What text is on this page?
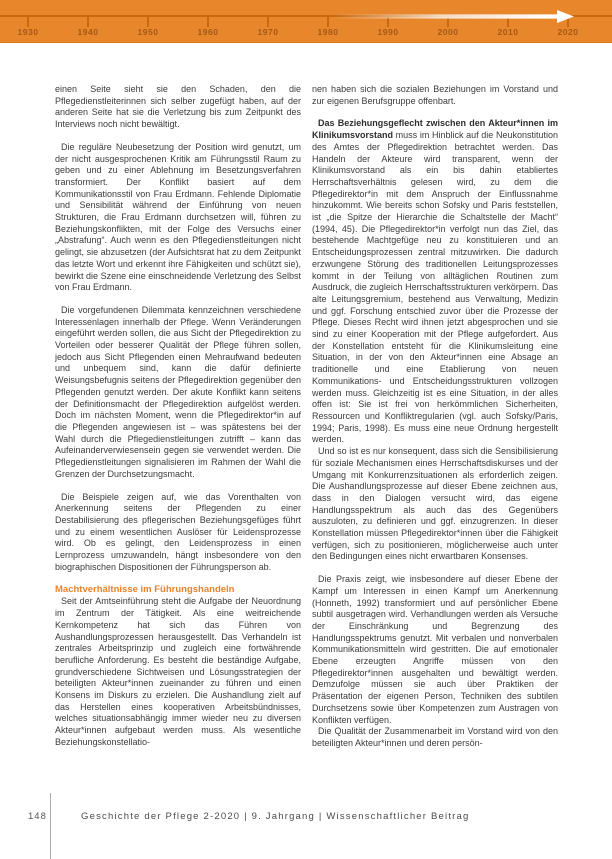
1930	1940	1950	1960	1970	1980	1990	2000	2010	2020

einen Seite sieht sie den Schaden, den die Pflegedienstleiterinnen sich selber zugefügt haben, auf der anderen Seite hat sie die Verletzung bis zum Zeitpunkt des Interviews noch nicht bewältigt.

Die reguläre Neubesetzung der Position wird genutzt, um der nicht ausgesprochenen Kritik am Führungsstil Raum zu geben und zu einer Ablehnung im Besetzungsverfahren transformiert. Der Konflikt basiert auf dem Kommunikationsstil von Frau Erdmann. Fehlende Diplomatie und Sensibilität während der Einführung von neuen Strukturen, die Frau Erdmann durchsetzen will, führen zu Beziehungskonflikten, mit der Folge des Versuchs einer „Abstrafung“. Auch wenn es den Pflegedienstleitungen nicht gelingt, sie abzusetzen (der Aufsichtsrat hat zu dem Zeitpunkt das letzte Wort und erkennt ihre Fähigkeiten und schützt sie), bewirkt die Szene eine einschneidende Verletzung des Selbst von Frau Erdmann.

Die vorgefundenen Dilemmata kennzeichnen verschiedene Interessenlagen innerhalb der Pflege. Wenn Veränderungen eingeführt werden sollen, die aus Sicht der Pflegedirektion zu Vorteilen oder besserer Qualität der Pflege führen sollen, jedoch aus Sicht Pflegenden einen Mehraufwand bedeuten und unbequem sind, kann die dafür definierte Weisungsbefugnis seitens der Pflegedirektion gegenüber den Pflegenden genutzt werden. Der akute Konflikt kann seitens der Definitionsmacht der Pflegedirektion aufgelöst werden. Doch im nächsten Moment, wenn die Pflegedirektor*in auf die Pflegenden angewiesen ist – was spätestens bei der Wahl durch die Pflegedienstleitungen zutrifft – kann das Aufeinanderverwiesensein gegen sie verwendet werden. Die Pflegedienstleitungen signalisieren im Rahmen der Wahl die Grenzen der Durchsetzungsmacht.

Die Beispiele zeigen auf, wie das Vorenthalten von Anerkennung seitens der Pflegenden zu einer Destabilisierung des pflegerischen Beziehungsgefüges führt und zu einem wesentlichen Auslöser für Leidensprozesse wird. Ob es gelingt, den Leidensprozess in einen Lernprozess umzuwandeln, hängt insbesondere von den biographischen Dispositionen der Führungsperson ab.

Machtverhältnisse im Führungshandeln

Seit der Amtseinführung steht die Aufgabe der Neuordnung im Zentrum der Tätigkeit. Als eine weitreichende Kernkompetenz hat sich das Führen von Aushandlungsprozessen herausgestellt. Das Verhandeln ist zentrales Arbeitsprinzip und zugleich eine fortwährende berufliche Anforderung. Es besteht die beständige Aufgabe, grundverschiedene Sichtweisen und Lösungsstrategien der beteiligten Akteur*innen zueinander zu führen und einen Konsens im Diskurs zu erzielen. Die Aushandlung zielt auf das Herstellen eines kooperativen Arbeitsbündnisses, welches situationsabhängig immer wieder neu zu diversen Akteur*innen aufgebaut werden muss. Als wesentliche Beziehungskonstellatio-

nen haben sich die sozialen Beziehungen im Vorstand und zur eigenen Berufsgruppe offenbart.

Das Beziehungsgeflecht zwischen den Akteur*innen im Klinikumsvorstand muss im Hinblick auf die Neukonstitution des Amtes der Pflegedirektion betrachtet werden. Das Handeln der Akteure wird transparent, wenn der Klinikumsvorstand als ein bis dahin etabliertes Herrschaftsverhältnis gelesen wird, zu dem die Pflegedirektor*in mit dem Anspruch der Einflussnahme hinzukommt. Wie bereits schon Sofsky und Paris feststellen, ist „die Spitze der Hierarchie die Schaltstelle der Macht“ (1994, 45). Die Pflegedirektor*in verfolgt nun das Ziel, das bestehende Machtgefüge neu zu konstituieren und an Entscheidungsprozessen zentral mitzuwirken. Die dadurch erzwungene Störung des traditionellen Leitungsprozesses kommt in der Teilung von alltäglichen Routinen zum Ausdruck, die zugleich Herrschaftsstrukturen verkörpern. Das alte Leitungsgremium, bestehend aus Verwaltung, Medizin und ggf. Forschung entschied zuvor über die Prozesse der Pflege. Dieses Recht wird ihnen jetzt abgesprochen und sie sind zu einer Kooperation mit der Pflege aufgefordert. Aus der Konstellation entsteht für die Klinikumsleitung eine Situation, in der von den Akteur*innen eine Absage an traditionelle und eine Etablierung von neuen Kommunikations- und Entscheidungsstrukturen vollzogen werden muss. Gleichzeitig ist es eine Situation, in der alles offen ist: Sie ist frei von herkömmlichen Sicherheiten, Ressourcen und Konfliktregularien (vgl. auch Sofsky/Paris, 1994; Paris, 1998). Es muss eine neue Ordnung hergestellt werden.

Und so ist es nur konsequent, dass sich die Sensibilisierung für soziale Mechanismen eines Herrschaftsdiskurses und der Umgang mit Konkurrenzsituationen als erforderlich zeigen. Die Aushandlungsprozesse auf dieser Ebene zeichnen aus, dass in den Dialogen versucht wird, das eigene Handlungsspektrum als auch das des Gegenübers auszuloten, zu definieren und ggf. einzugrenzen. In dieser Konstellation müssen Pflegedirektor*innen über die Fähigkeit verfügen, sich zu positionieren, möglicherweise auch unter den Bedingungen eines nicht erwartbaren Konsenses.

Die Praxis zeigt, wie insbesondere auf dieser Ebene der Kampf um Interessen in einen Kampf um Anerkennung (Honneth, 1992) transformiert und auf persönlicher Ebene subtil ausgetragen wird. Verhandlungen werden als Versuche der Einschränkung und Begrenzung des Handlungsspektrums genutzt. Mit verbalen und nonverbalen Kommunikationsmitteln wird gestritten. Die auf emotionaler Ebene erzeugten Angriffe müssen von den Pflegedirektor*innen ausgehalten und bewältigt werden. Demzufolge müssen sie auch über Praktiken der Präsentation der eigenen Person, Techniken des subtilen Durchsetzens sowie über Kompetenzen zum Austragen von Konflikten verfügen.

Die Qualität der Zusammenarbeit im Vorstand wird von den beteiligten Akteur*innen und deren persön-

148	Geschichte der Pflege 2-2020 | 9. Jahrgang | Wissenschaftlicher Beitrag
